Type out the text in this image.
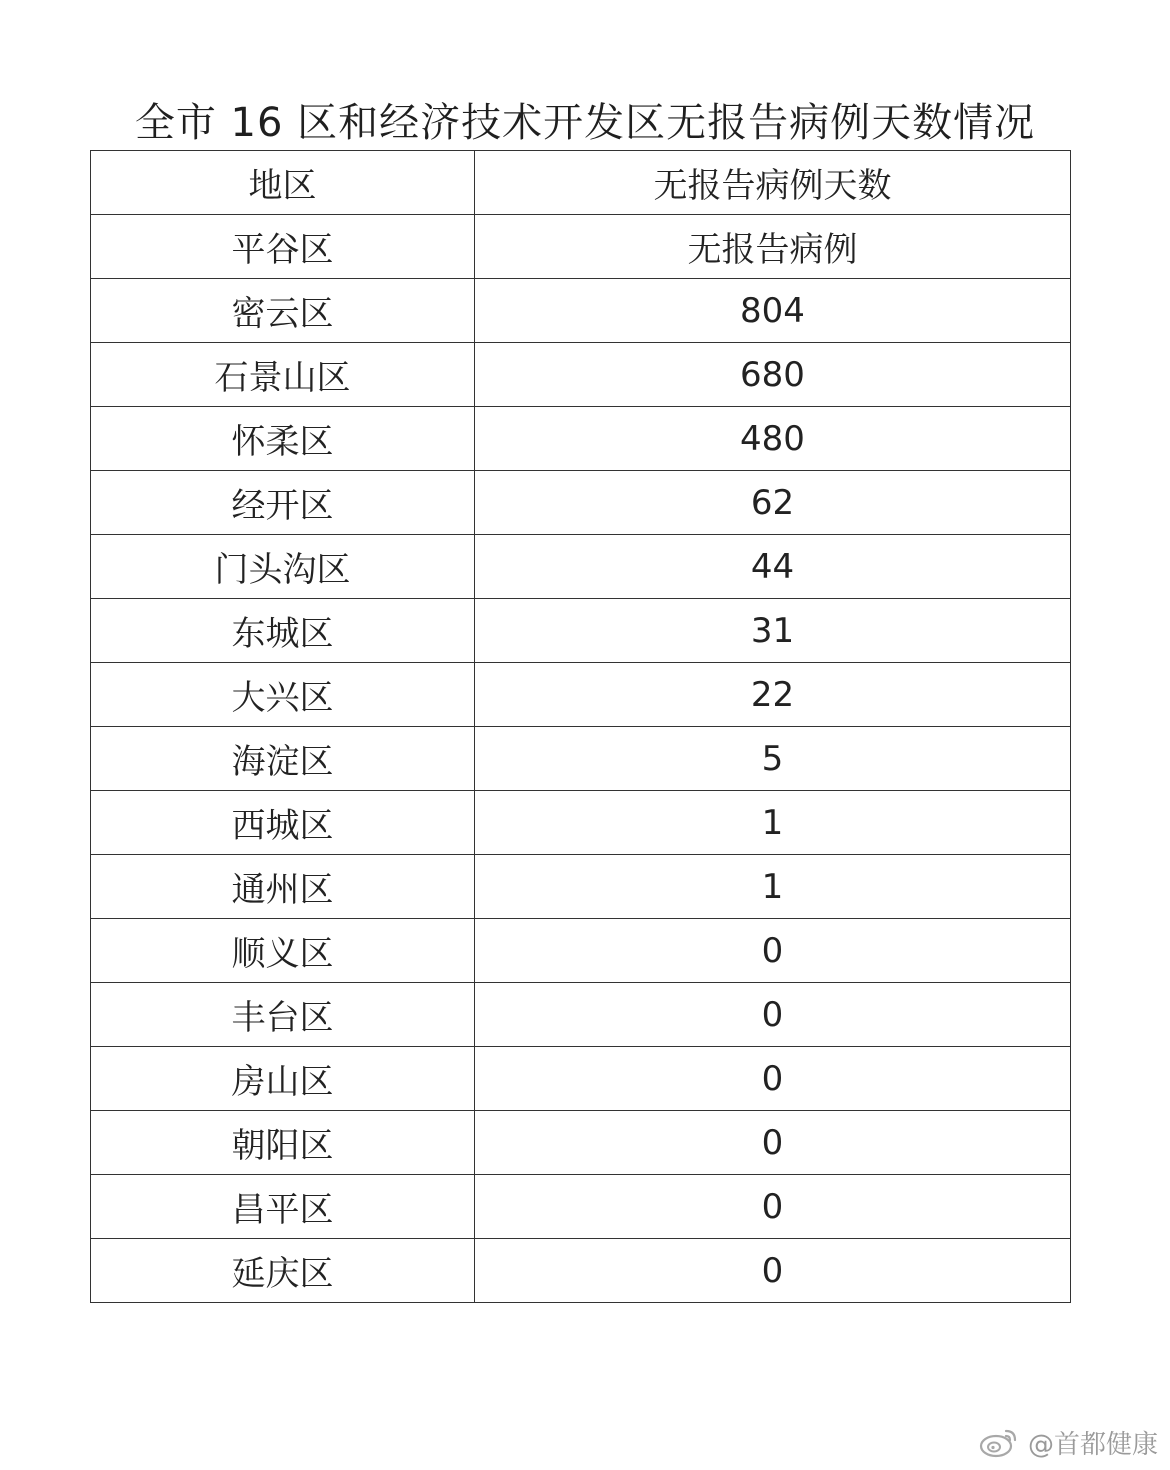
全市 16 区和经济技术开发区无报告病例天数情况
地区	无报告病例天数
平谷区	无报告病例
密云区	804
石景山区	680
怀柔区	480
经开区	62
门头沟区	44
东城区	31
大兴区	22
海淀区	5
西城区	1
通州区	1
顺义区	0
丰台区	0
房山区	0
朝阳区	0
昌平区	0
延庆区	0
@首都健康
